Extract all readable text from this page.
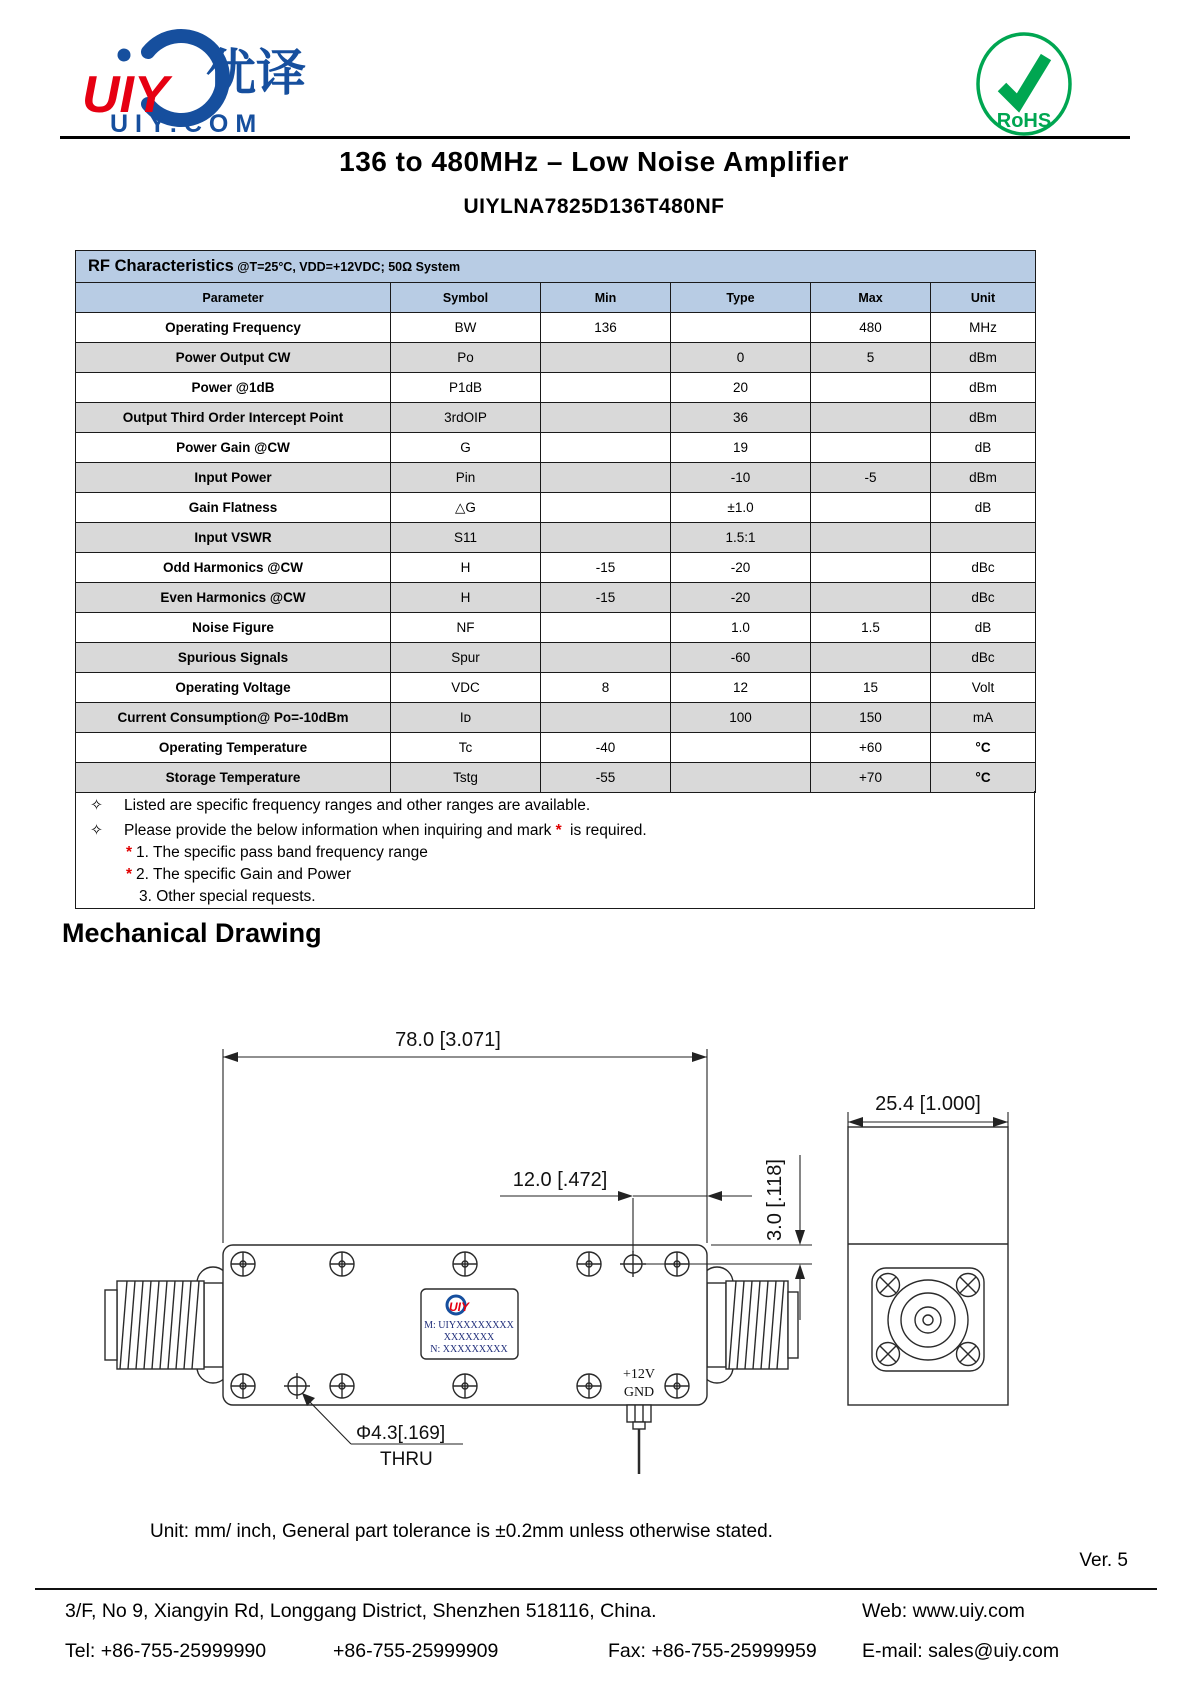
UIY 优译
UIY.COM	RoHS
136 to 480MHz – Low Noise Amplifier
UIYLNA7825D136T480NF
RF Characteristics @T=25°C, VDD=+12VDC; 50Ω System					
Parameter	Symbol	Min	Type	Max	Unit
Operating Frequency	BW	136		480	MHz
Power Output CW	Po		0	5	dBm
Power @1dB	P1dB		20		dBm
Output Third Order Intercept Point	3rdOIP		36		dBm
Power Gain @CW	G		19		dB
Input Power	Pin		-10	-5	dBm
Gain Flatness	△G		±1.0		dB
Input VSWR	S11		1.5:1		
Odd Harmonics @CW	H	-15	-20		dBc
Even Harmonics @CW	H	-15	-20		dBc
Noise Figure	NF		1.0	1.5	dB
Spurious Signals	Spur		-60		dBc
Operating Voltage	VDC	8	12	15	Volt
Current Consumption@ Po=-10dBm	Iᴅ		100	150	mA
Operating Temperature	Tc	-40		+60	°C
Storage Temperature	Tstg	-55		+70	°C
✧ Listed are specific frequency ranges and other ranges are available.
✧ Please provide the below information when inquiring and mark * is required.
* 1. The specific pass band frequency range
* 2. The specific Gain and Power
3. Other special requests.
Mechanical Drawing
UIY
M: UIYXXXXXXXX
XXXXXXX
N: XXXXXXXXX
+12V
GND
78.0 [3.071]
12.0 [.472]	3.0 [.118]
Φ4.3[.169]
THRU
25.4 [1.000]
Unit: mm/ inch, General part tolerance is ±0.2mm unless otherwise stated.
Ver. 5
3/F, No 9, Xiangyin Rd, Longgang District, Shenzhen 518116, China.	Web: www.uiy.com
Tel: +86-755-25999990	+86-755-25999909	Fax: +86-755-25999959 E-mail: sales@uiy.com
